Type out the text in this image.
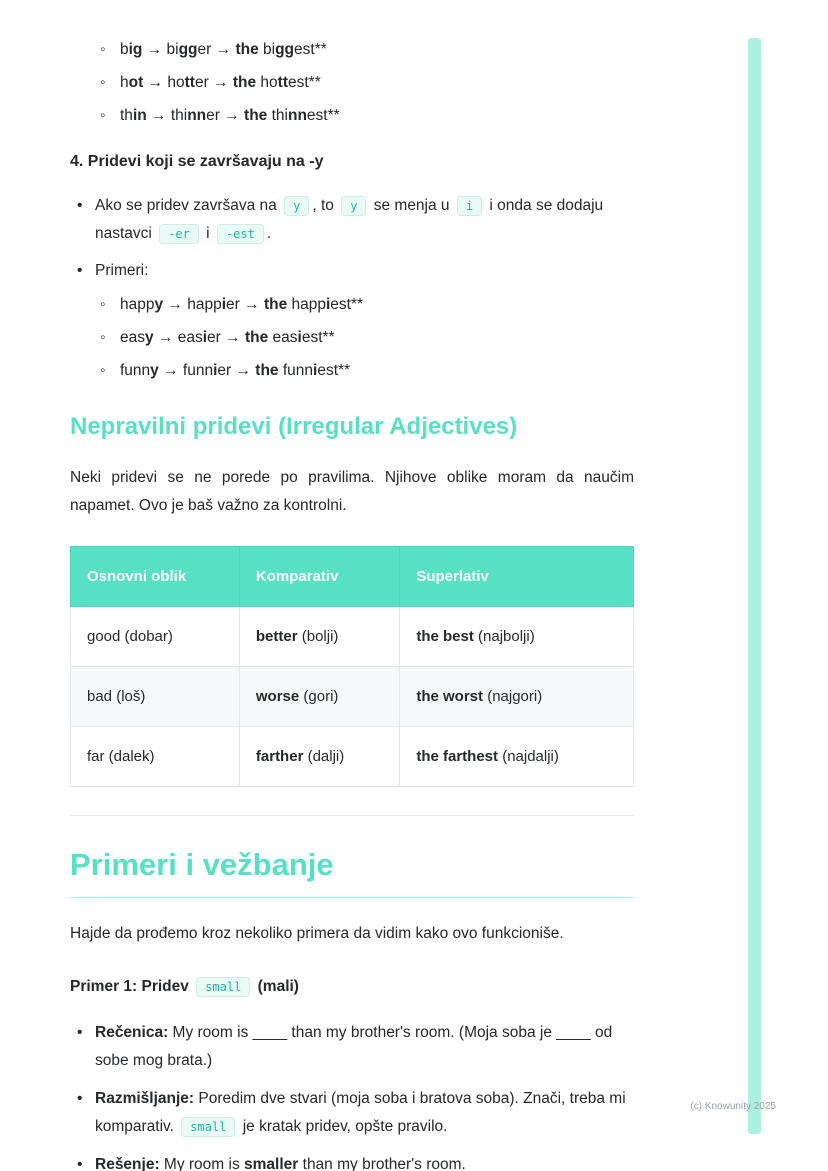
◦ big → bigger → the biggest**
◦ hot → hotter → the hottest**
◦ thin → thinner → the thinnest**
4. Pridevi koji se završavaju na -y
• Ako se pridev završava na y , to y se menja u i i onda se dodaju nastavci -er i -est .
• Primeri:
◦ happy → happier → the happiest**
◦ easy → easier → the easiest**
◦ funny → funnier → the funniest**
Nepravilni pridevi (Irregular Adjectives)

Neki pridevi se ne porede po pravilima. Njihove oblike moram da naučim napamet. Ovo je baš važno za kontrolni.

Osnovni oblik	Komparativ	Superlativ
good (dobar)	better (bolji)	the best (najbolji)
bad (loš)	worse (gori)	the worst (najgori)
far (dalek)	farther (dalji)	the farthest (najdalji)
Primeri i vežbanje

Hajde da prođemo kroz nekoliko primera da vidim kako ovo funkcioniše.

Primer 1: Pridev small (mali)

• Rečenica: My room is ____ than my brother's room. (Moja soba je ____ od sobe mog brata.)
• Razmišljanje: Poredim dve stvari (moja soba i bratova soba). Znači, treba mi komparativ. small je kratak pridev, opšte pravilo.
• Rešenje: My room is smaller than my brother's room.
(c) Knowunity 2025
